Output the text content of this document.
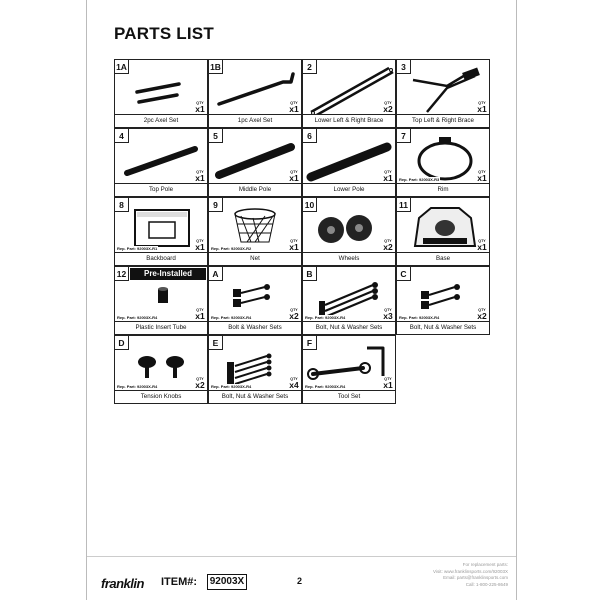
PARTS LIST
1A
QTY
x1
2pc Axel Set
1B
QTY
x1
1pc Axel Set
2
QTY
x2
Lower Left & Right Brace
3
QTY
x1
Top Left & Right Brace
4
QTY
x1
Top Pole
5
QTY
x1
Middle Pole
6
QTY
x1
Lower Pole
7
Rep. Part: 92003X-R3
QTY
x1
Rim
8
Rep. Part: 92003X-R1
QTY
x1
Backboard
9
Rep. Part: 92003X-R2
QTY
x1
Net
10
QTY
x2
Wheels
11
QTY
x1
Base
12	Pre-Installed
Rep. Part: 92003X-R4
QTY
x1
Plastic Insert Tube
A
Rep. Part: 92003X-R4
QTY
x2
Bolt & Washer Sets
B
Rep. Part: 92003X-R4
QTY
x3
Bolt, Nut & Washer Sets
C
Rep. Part: 92003X-R4
QTY
x2
Bolt, Nut & Washer Sets
D
Rep. Part: 92003X-R4
QTY
x2
Tension Knobs
E
Rep. Part: 92003X-R4
QTY
x4
Bolt, Nut & Washer Sets
F
Rep. Part: 92003X-R4
QTY
x1
Tool Set
franklin ITEM#: 92003X	2
For replacement parts:
Visit: www.franklinsports.com/92003X
Email: parts@franklinsports.com
Call: 1-800-225-8649
